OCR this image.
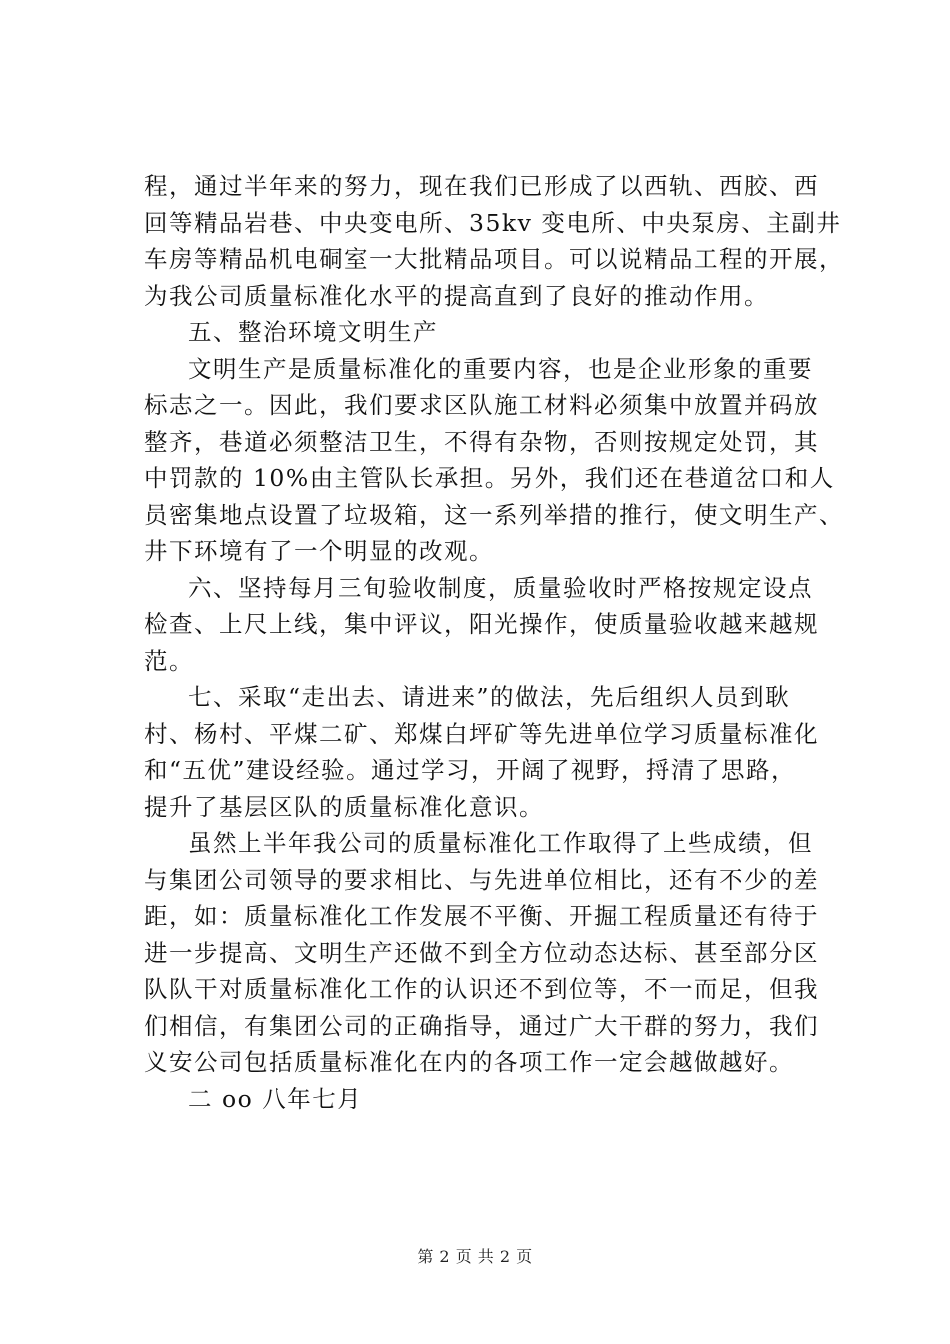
程，通过半年来的努力，现在我们已形成了以西轨、西胶、西
回等精品岩巷、中央变电所、35kv 变电所、中央泵房、主副井
车房等精品机电硐室一大批精品项目。可以说精品工程的开展，
为我公司质量标准化水平的提高直到了良好的推动作用。
五、整治环境文明生产
文明生产是质量标准化的重要内容，也是企业形象的重要
标志之一。因此，我们要求区队施工材料必须集中放置并码放
整齐，巷道必须整洁卫生，不得有杂物，否则按规定处罚，其
中罚款的 10%由主管队长承担。另外，我们还在巷道岔口和人
员密集地点设置了垃圾箱，这一系列举措的推行，使文明生产、
井下环境有了一个明显的改观。
六、坚持每月三旬验收制度，质量验收时严格按规定设点
检查、上尺上线，集中评议，阳光操作，使质量验收越来越规
范。
七、采取“走出去、请进来”的做法，先后组织人员到耿
村、杨村、平煤二矿、郑煤白坪矿等先进单位学习质量标准化
和“五优”建设经验。通过学习，开阔了视野，捋清了思路，
提升了基层区队的质量标准化意识。
虽然上半年我公司的质量标准化工作取得了上些成绩，但
与集团公司领导的要求相比、与先进单位相比，还有不少的差
距，如：质量标准化工作发展不平衡、开掘工程质量还有待于
进一步提高、文明生产还做不到全方位动态达标、甚至部分区
队队干对质量标准化工作的认识还不到位等，不一而足，但我
们相信，有集团公司的正确指导，通过广大干群的努力，我们
义安公司包括质量标准化在内的各项工作一定会越做越好。
二 oo 八年七月
第 2 页 共 2 页
